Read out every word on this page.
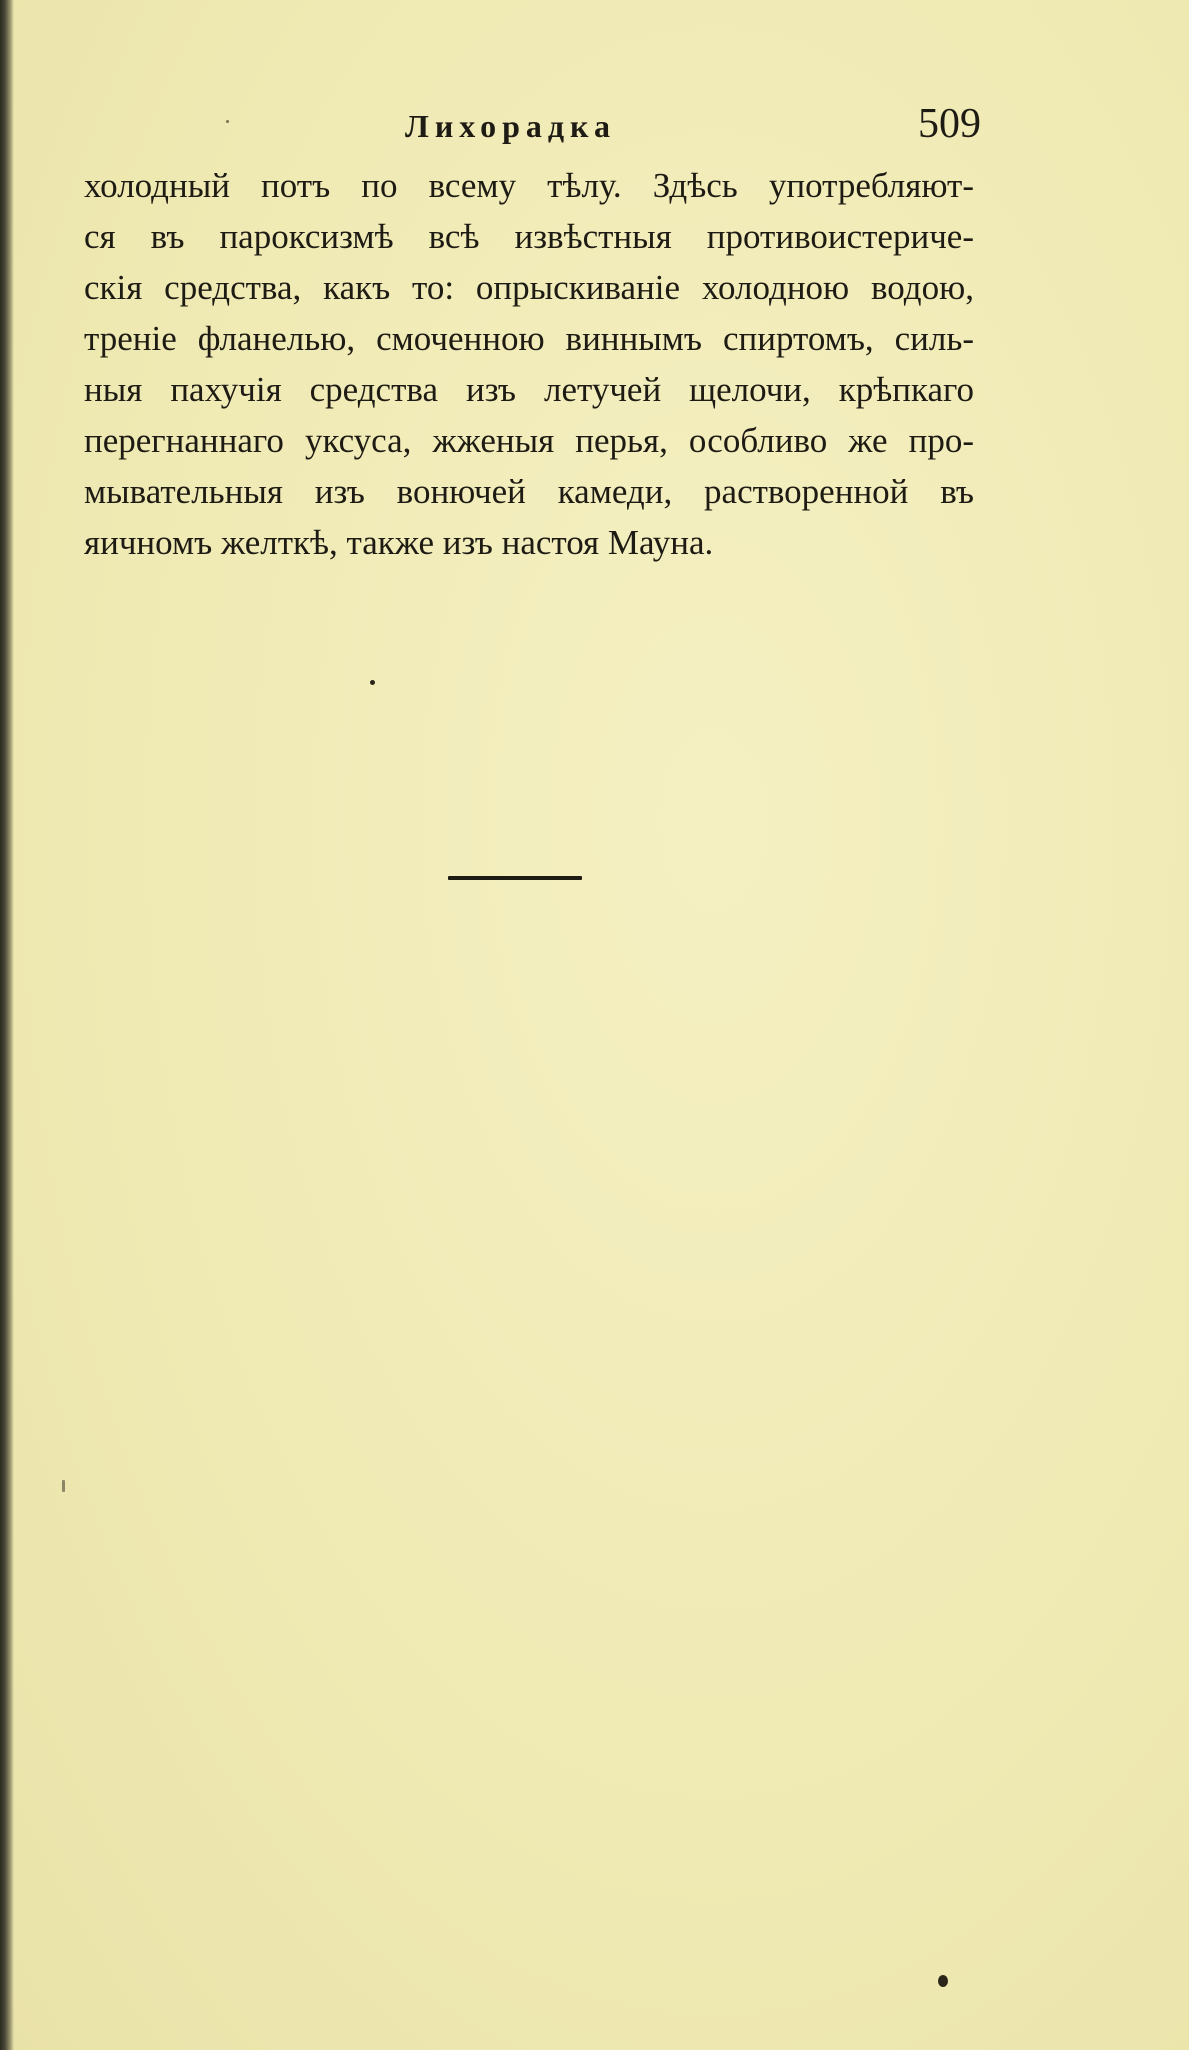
Лихорадка	509
холодный потъ по всему тѣлу. Здѣсь употребляют-
ся въ пароксизмѣ всѣ извѣстныя противоистериче-
скія средства, какъ то: опрыскиванiе холодною водою,
тренiе фланелью, смоченною виннымъ спиртомъ, силь-
ныя пахучiя средства изъ летучей щелочи, крѣпкаго
перегнаннаго уксуса, жженыя перья, особливо же про-
мывательныя изъ вонючей камеди, растворенной въ
яичномъ желткѣ, также изъ настоя Мауна.
